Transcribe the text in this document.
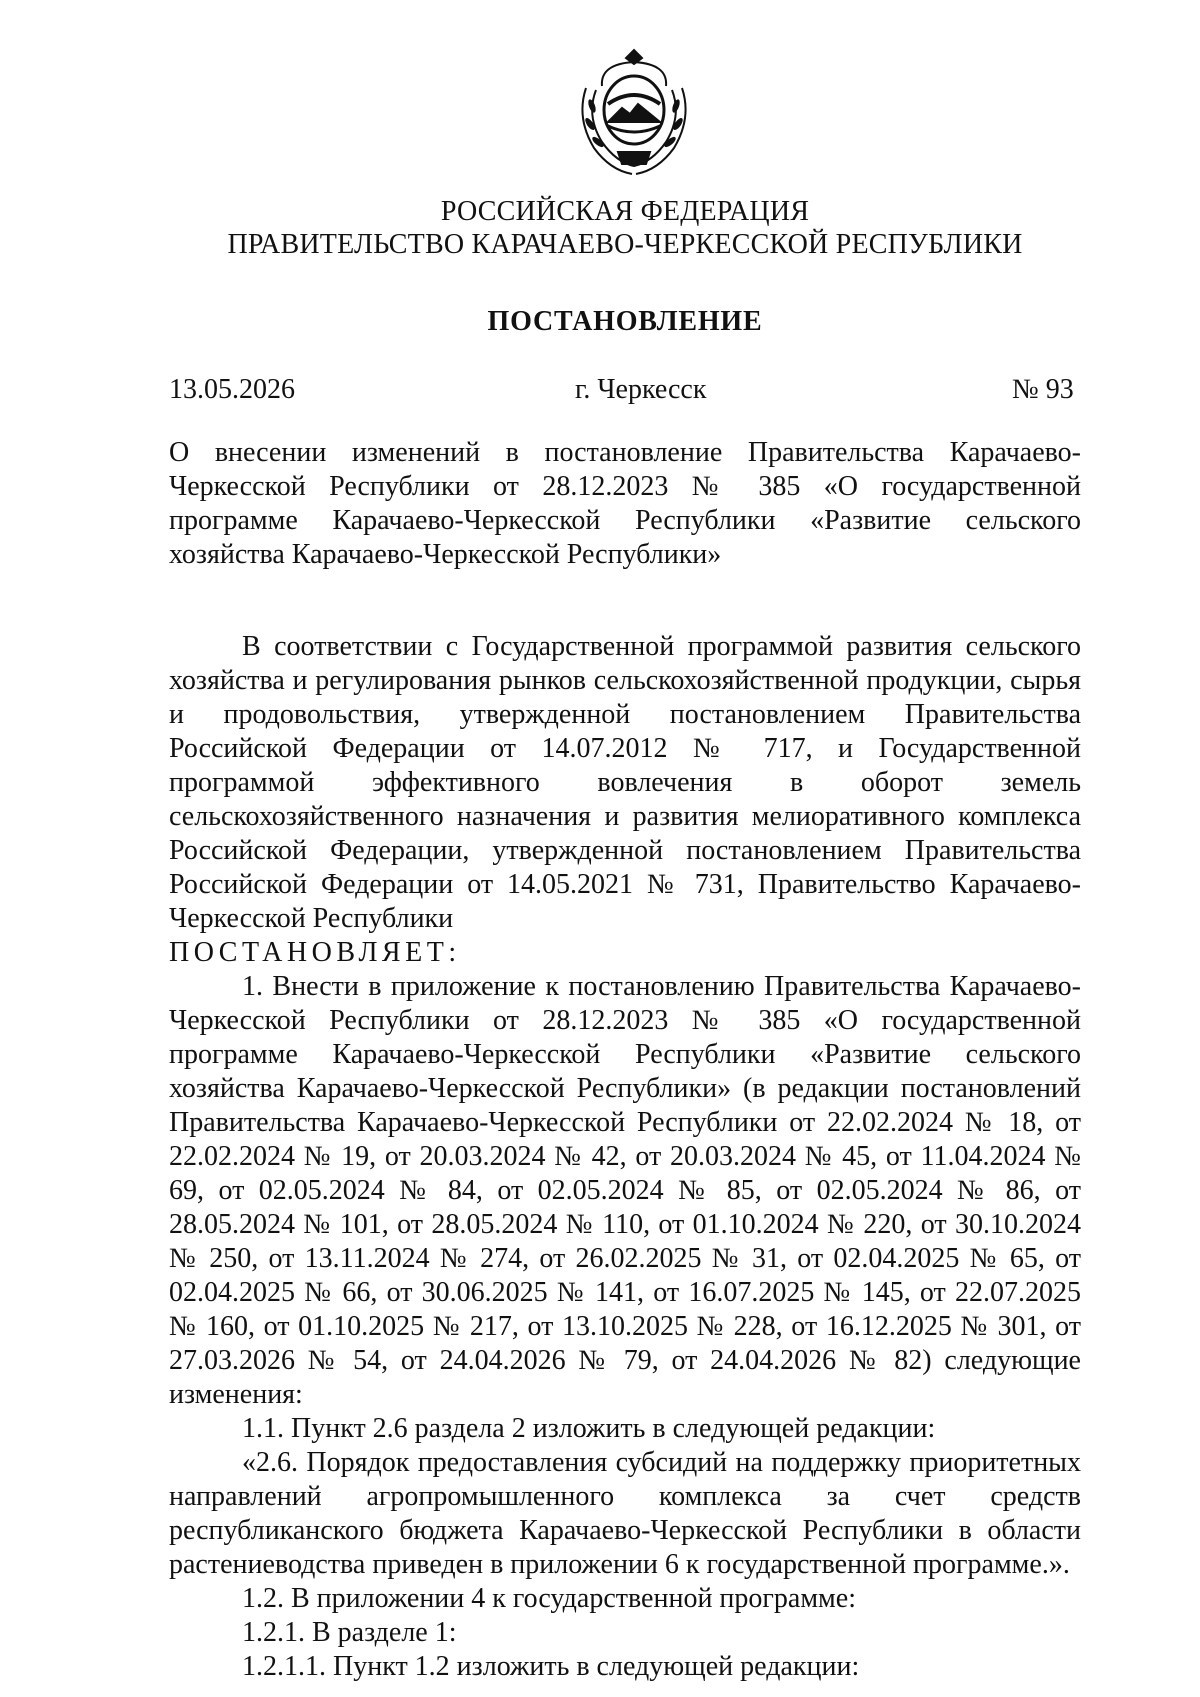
РОССИЙСКАЯ ФЕДЕРАЦИЯ
ПРАВИТЕЛЬСТВО КАРАЧАЕВО-ЧЕРКЕССКОЙ РЕСПУБЛИКИ
ПОСТАНОВЛЕНИЕ
13.05.2026	г. Черкесск	№ 93
О внесении изменений в постановление Правительства Карачаево-Черкесской Республики от 28.12.2023 № 385 «О государственной программе Карачаево-Черкесской Республики «Развитие сельского хозяйства Карачаево-Черкесской Республики»

В соответствии с Государственной программой развития сельского хозяйства и регулирования рынков сельскохозяйственной продукции, сырья и продовольствия, утвержденной постановлением Правительства Российской Федерации от 14.07.2012 № 717, и Государственной программой эффективного вовлечения в оборот земель сельскохозяйственного назначения и развития мелиоративного комплекса Российской Федерации, утвержденной постановлением Правительства Российской Федерации от 14.05.2021 № 731, Правительство Карачаево-Черкесской Республики

ПОСТАНОВЛЯЕТ:

1. Внести в приложение к постановлению Правительства Карачаево-Черкесской Республики от 28.12.2023 № 385 «О государственной программе Карачаево-Черкесской Республики «Развитие сельского хозяйства Карачаево-Черкесской Республики» (в редакции постановлений Правительства Карачаево-Черкесской Республики от 22.02.2024 № 18, от 22.02.2024 № 19, от 20.03.2024 № 42, от 20.03.2024 № 45, от 11.04.2024 № 69, от 02.05.2024 № 84, от 02.05.2024 № 85, от 02.05.2024 № 86, от 28.05.2024 № 101, от 28.05.2024 № 110, от 01.10.2024 № 220, от 30.10.2024 № 250, от 13.11.2024 № 274, от 26.02.2025 № 31, от 02.04.2025 № 65, от 02.04.2025 № 66, от 30.06.2025 № 141, от 16.07.2025 № 145, от 22.07.2025 № 160, от 01.10.2025 № 217, от 13.10.2025 № 228, от 16.12.2025 № 301, от 27.03.2026 № 54, от 24.04.2026 № 79, от 24.04.2026 № 82) следующие изменения:

1.1. Пункт 2.6 раздела 2 изложить в следующей редакции:

«2.6. Порядок предоставления субсидий на поддержку приоритетных направлений агропромышленного комплекса за счет средств республиканского бюджета Карачаево-Черкесской Республики в области растениеводства приведен в приложении 6 к государственной программе.».

1.2. В приложении 4 к государственной программе:

1.2.1. В разделе 1:

1.2.1.1. Пункт 1.2 изложить в следующей редакции:
